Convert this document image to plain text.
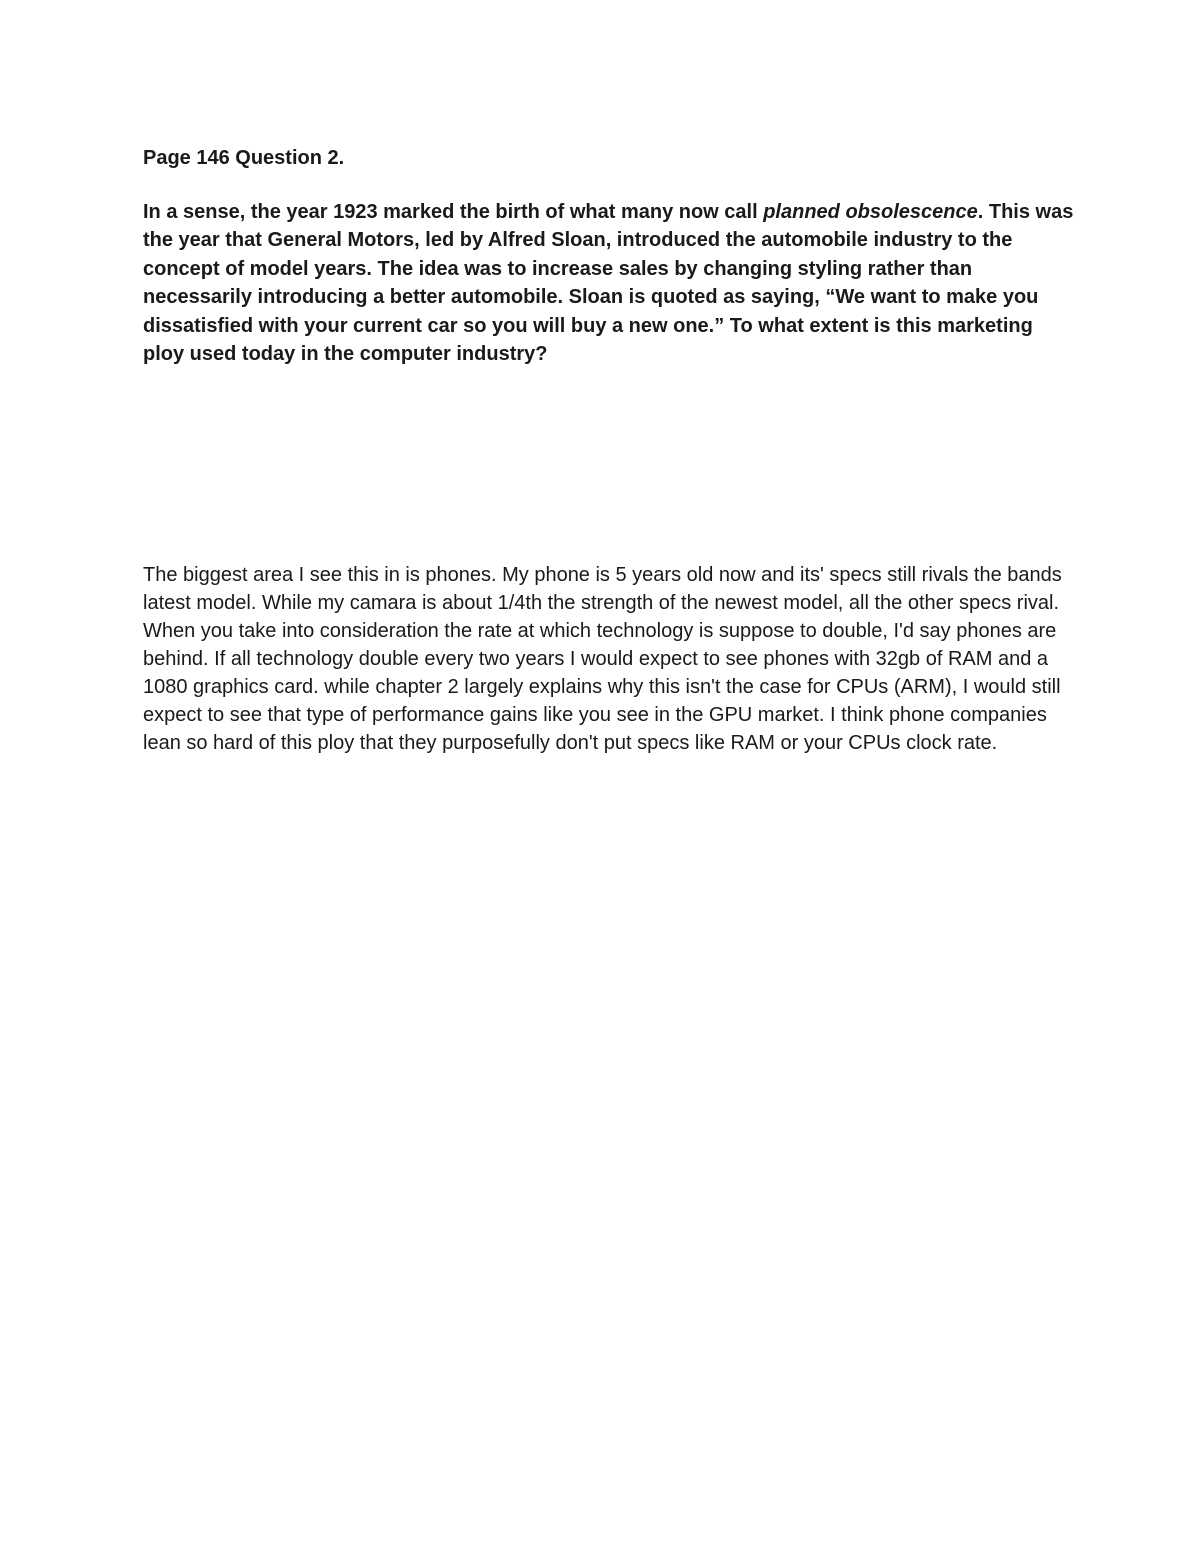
Page 146 Question 2.

In a sense, the year 1923 marked the birth of what many now call planned obsolescence. This was the year that General Motors, led by Alfred Sloan, introduced the automobile industry to the concept of model years. The idea was to increase sales by changing styling rather than necessarily introducing a better automobile. Sloan is quoted as saying, “We want to make you dissatisfied with your current car so you will buy a new one.” To what extent is this marketing ploy used today in the computer industry?

The biggest area I see this in is phones. My phone is 5 years old now and its' specs still rivals the bands latest model. While my camara is about 1/4th the strength of the newest model, all the other specs rival. When you take into consideration the rate at which technology is suppose to double, I'd say phones are behind. If all technology double every two years I would expect to see phones with 32gb of RAM and a 1080 graphics card. while chapter 2 largely explains why this isn't the case for CPUs (ARM), I would still expect to see that type of performance gains like you see in the GPU market. I think phone companies lean so hard of this ploy that they purposefully don't put specs like RAM or your CPUs clock rate.
